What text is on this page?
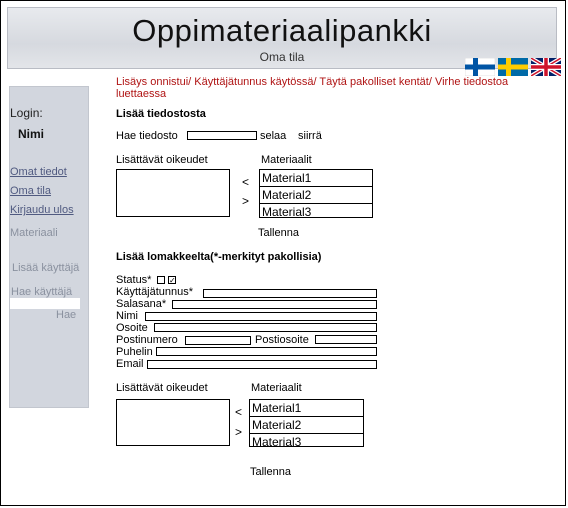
Oppimateriaalipankki
Oma tila
Login:
Nimi
Omat tiedot
Oma tila
Kirjaudu ulos
Materiaali
Lisää käyttäjä
Hae käyttäjä
Hae
Lisäys onnistui/ Käyttäjätunnus käytössä/ Täytä pakolliset kentät/ Virhe tiedostoa luettaessa
Lisää tiedostosta
Hae tiedosto	selaa siirrä
Lisättävät oikeudet	Materiaalit
<
>
Material1
Material2
Material3
Tallenna
Lisää lomakkeelta(*-merkityt pakollisia)
Status* ✓
Käyttäjätunnus*
Salasana*
Nimi
Osoite
Postinumero	Postiosoite
Puhelin
Email
Lisättävät oikeudet	Materiaalit
<
>
Material1
Material2
Material3
Tallenna
